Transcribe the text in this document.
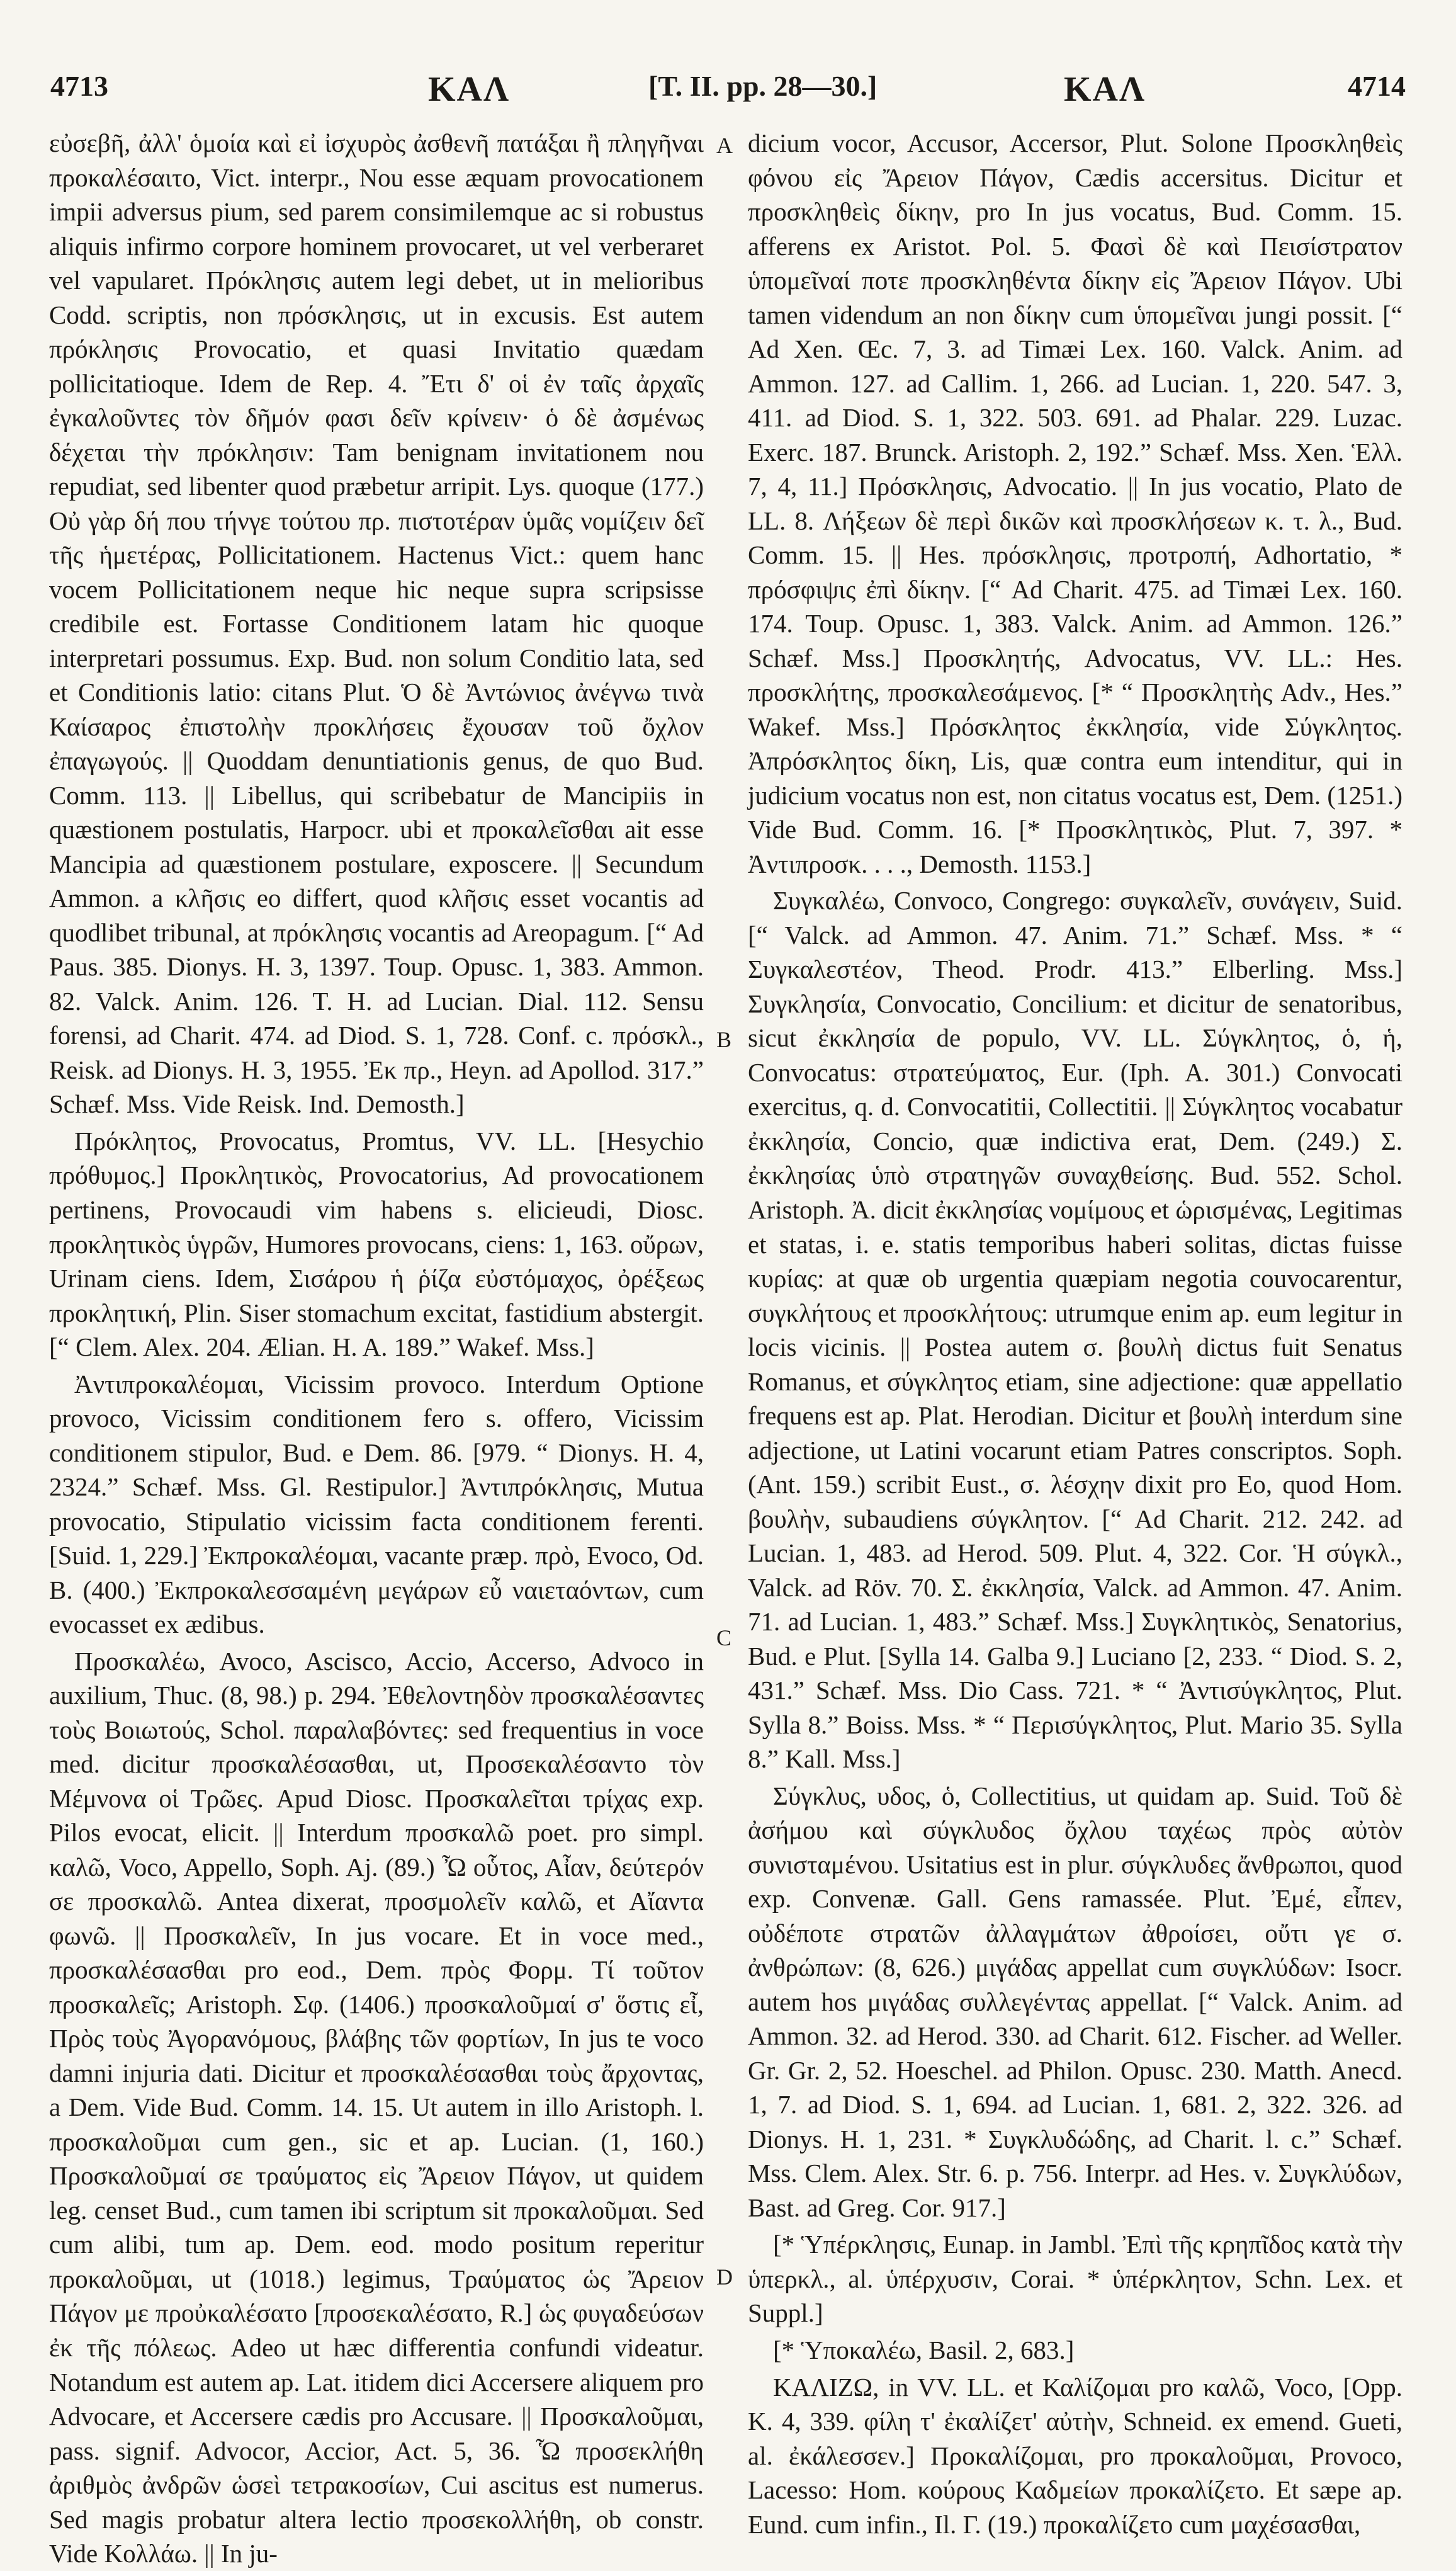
4713	ΚΑΛ	[T. II. pp. 28—30.]	ΚΑΛ	4714

εὐσεβῆ, ἀλλ' ὁμοία καὶ εἰ ἰσχυρὸς ἀσθενῆ πατάξαι ἢ πληγῆναι προκαλέσαιτο, Vict. interpr., Nou esse æquam provocationem impii adversus pium, sed parem consimilemque ac si robustus aliquis infirmo corpore hominem provocaret, ut vel verberaret vel vapularet. Πρόκλησις autem legi debet, ut in melioribus Codd. scriptis, non πρόσκλησις, ut in excusis. Est autem πρόκλησις Provocatio, et quasi Invitatio quædam pollicitatioque. Idem de Rep. 4. Ἔτι δ' οἱ ἐν ταῖς ἀρχαῖς ἐγκαλοῦντες τὸν δῆμόν φασι δεῖν κρίνειν· ὁ δὲ ἀσμένως δέχεται τὴν πρόκλησιν: Tam benignam invitationem nou repudiat, sed libenter quod præbetur arripit. Lys. quoque (177.) Οὐ γὰρ δή που τήνγε τούτου πρ. πιστοτέραν ὑμᾶς νομίζειν δεῖ τῆς ἡμετέρας, Pollicitationem. Hactenus Vict.: quem hanc vocem Pollicitationem neque hic neque supra scripsisse credibile est. Fortasse Conditionem latam hic quoque interpretari possumus. Exp. Bud. non solum Conditio lata, sed et Conditionis latio: citans Plut. Ὁ δὲ Ἀντώνιος ἀνέγνω τινὰ Καίσαρος ἐπιστολὴν προκλήσεις ἔχουσαν τοῦ ὄχλον ἐπαγωγούς. || Quoddam denuntiationis genus, de quo Bud. Comm. 113. || Libellus, qui scribebatur de Mancipiis in quæstionem postulatis, Harpocr. ubi et προκαλεῖσθαι ait esse Mancipia ad quæstionem postulare, exposcere. || Secundum Ammon. a κλῆσις eo differt, quod κλῆσις esset vocantis ad quodlibet tribunal, at πρόκλησις vocantis ad Areopagum. [“ Ad Paus. 385. Dionys. H. 3, 1397. Toup. Opusc. 1, 383. Ammon. 82. Valck. Anim. 126. T. H. ad Lucian. Dial. 112. Sensu forensi, ad Charit. 474. ad Diod. S. 1, 728. Conf. c. πρόσκλ., Reisk. ad Dionys. H. 3, 1955. Ἐκ πρ., Heyn. ad Apollod. 317.” Schæf. Mss. Vide Reisk. Ind. Demosth.]

Πρόκλητος, Provocatus, Promtus, VV. LL. [Hesychio πρόθυμος.] Προκλητικὸς, Provocatorius, Ad provocationem pertinens, Provocaudi vim habens s. elicieudi, Diosc. προκλητικὸς ὑγρῶν, Humores provocans, ciens: 1, 163. οὔρων, Urinam ciens. Idem, Σισάρου ἡ ῥίζα εὐστόμαχος, ὀρέξεως προκλητική, Plin. Siser stomachum excitat, fastidium abstergit. [“ Clem. Alex. 204. Ælian. H. A. 189.” Wakef. Mss.]

Ἀντιπροκαλέομαι, Vicissim provoco. Interdum Optione provoco, Vicissim conditionem fero s. offero, Vicissim conditionem stipulor, Bud. e Dem. 86. [979. “ Dionys. H. 4, 2324.” Schæf. Mss. Gl. Restipulor.] Ἀντιπρόκλησις, Mutua provocatio, Stipulatio vicissim facta conditionem ferenti. [Suid. 1, 229.] Ἐκπροκαλέομαι, vacante præp. πρὸ, Evoco, Od. B. (400.) Ἐκπροκαλεσσαμένη μεγάρων εὖ ναιεταόντων, cum evocasset ex ædibus.

Προσκαλέω, Avoco, Ascisco, Accio, Accerso, Advoco in auxilium, Thuc. (8, 98.) p. 294. Ἐθελοντηδὸν προσκαλέσαντες τοὺς Βοιωτούς, Schol. παραλαβόντες: sed frequentius in voce med. dicitur προσκαλέσασθαι, ut, Προσεκαλέσαντο τὸν Μέμνονα οἱ Τρῶες. Apud Diosc. Προσκαλεῖται τρίχας exp. Pilos evocat, elicit. || Interdum προσκαλῶ poet. pro simpl. καλῶ, Voco, Appello, Soph. Aj. (89.) Ὦ οὗτος, Αἶαν, δεύτερόν σε προσκαλῶ. Antea dixerat, προσμολεῖν καλῶ, et Αἴαντα φωνῶ. || Προσκαλεῖν, In jus vocare. Et in voce med., προσκαλέσασθαι pro eod., Dem. πρὸς Φορμ. Τί τοῦτον προσκαλεῖς; Aristoph. Σφ. (1406.) προσκαλοῦμαί σ' ὅστις εἶ, Πρὸς τοὺς Ἀγορανόμους, βλάβης τῶν φορτίων, In jus te voco damni injuria dati. Dicitur et προσκαλέσασθαι τοὺς ἄρχοντας, a Dem. Vide Bud. Comm. 14. 15. Ut autem in illo Aristoph. l. προσκαλοῦμαι cum gen., sic et ap. Lucian. (1, 160.) Προσκαλοῦμαί σε τραύματος εἰς Ἄρειον Πάγον, ut quidem leg. censet Bud., cum tamen ibi scriptum sit προκαλοῦμαι. Sed cum alibi, tum ap. Dem. eod. modo positum reperitur προκαλοῦμαι, ut (1018.) legimus, Τραύματος ὡς Ἄρειον Πάγον με προὐκαλέσατο [προσεκαλέσατο, R.] ὡς φυγαδεύσων ἐκ τῆς πόλεως. Adeo ut hæc differentia confundi videatur. Notandum est autem ap. Lat. itidem dici Accersere aliquem pro Advocare, et Accersere cædis pro Accusare. || Προσκαλοῦμαι, pass. signif. Advocor, Accior, Act. 5, 36. Ὧ προσεκλήθη ἀριθμὸς ἀνδρῶν ὡσεὶ τετρακοσίων, Cui ascitus est numerus. Sed magis probatur altera lectio προσεκολλήθη, ob constr. Vide Κολλάω. || In ju-

A
B
C
D

dicium vocor, Accusor, Accersor, Plut. Solone Προσκληθεὶς φόνου εἰς Ἄρειον Πάγον, Cædis accersitus. Dicitur et προσκληθεὶς δίκην, pro In jus vocatus, Bud. Comm. 15. afferens ex Aristot. Pol. 5. Φασὶ δὲ καὶ Πεισίστρατον ὑπομεῖναί ποτε προσκληθέντα δίκην εἰς Ἄρειον Πάγον. Ubi tamen videndum an non δίκην cum ὑπομεῖναι jungi possit. [“ Ad Xen. Œc. 7, 3. ad Timæi Lex. 160. Valck. Anim. ad Ammon. 127. ad Callim. 1, 266. ad Lucian. 1, 220. 547. 3, 411. ad Diod. S. 1, 322. 503. 691. ad Phalar. 229. Luzac. Exerc. 187. Brunck. Aristoph. 2, 192.” Schæf. Mss. Xen. Ἑλλ. 7, 4, 11.] Πρόσκλησις, Advocatio. || In jus vocatio, Plato de LL. 8. Λήξεων δὲ περὶ δικῶν καὶ προσκλήσεων κ. τ. λ., Bud. Comm. 15. || Hes. πρόσκλησις, προτροπή, Adhortatio, * πρόσφιψις ἐπὶ δίκην. [“ Ad Charit. 475. ad Timæi Lex. 160. 174. Toup. Opusc. 1, 383. Valck. Anim. ad Ammon. 126.” Schæf. Mss.] Προσκλητής, Advocatus, VV. LL.: Hes. προσκλήτης, προσκαλεσάμενος. [* “ Προσκλητὴς Adv., Hes.” Wakef. Mss.] Πρόσκλητος ἐκκλησία, vide Σύγκλητος. Ἀπρόσκλητος δίκη, Lis, quæ contra eum intenditur, qui in judicium vocatus non est, non citatus vocatus est, Dem. (1251.) Vide Bud. Comm. 16. [* Προσκλητικὸς, Plut. 7, 397. * Ἀντιπροσκ. . . ., Demosth. 1153.]

Συγκαλέω, Convoco, Congrego: συγκαλεῖν, συνάγειν, Suid. [“ Valck. ad Ammon. 47. Anim. 71.” Schæf. Mss. * “ Συγκαλεστέον, Theod. Prodr. 413.” Elberling. Mss.] Συγκλησία, Convocatio, Concilium: et dicitur de senatoribus, sicut ἐκκλησία de populo, VV. LL. Σύγκλητος, ὁ, ἡ, Convocatus: στρατεύματος, Eur. (Iph. A. 301.) Convocati exercitus, q. d. Convocatitii, Collectitii. || Σύγκλητος vocabatur ἐκκλησία, Concio, quæ indictiva erat, Dem. (249.) Σ. ἐκκλησίας ὑπὸ στρατηγῶν συναχθείσης. Bud. 552. Schol. Aristoph. Ἀ. dicit ἐκκλησίας νομίμους et ὡρισμένας, Legitimas et statas, i. e. statis temporibus haberi solitas, dictas fuisse κυρίας: at quæ ob urgentia quæpiam negotia couvocarentur, συγκλήτους et προσκλήτους: utrumque enim ap. eum legitur in locis vicinis. || Postea autem σ. βουλὴ dictus fuit Senatus Romanus, et σύγκλητος etiam, sine adjectione: quæ appellatio frequens est ap. Plat. Herodian. Dicitur et βουλὴ interdum sine adjectione, ut Latini vocarunt etiam Patres conscriptos. Soph. (Ant. 159.) scribit Eust., σ. λέσχην dixit pro Eo, quod Hom. βουλὴν, subaudiens σύγκλητον. [“ Ad Charit. 212. 242. ad Lucian. 1, 483. ad Herod. 509. Plut. 4, 322. Cor. Ἡ σύγκλ., Valck. ad Röv. 70. Σ. ἐκκλησία, Valck. ad Ammon. 47. Anim. 71. ad Lucian. 1, 483.” Schæf. Mss.] Συγκλητικὸς, Senatorius, Bud. e Plut. [Sylla 14. Galba 9.] Luciano [2, 233. “ Diod. S. 2, 431.” Schæf. Mss. Dio Cass. 721. * “ Ἀντισύγκλητος, Plut. Sylla 8.” Boiss. Mss. * “ Περισύγκλητος, Plut. Mario 35. Sylla 8.” Kall. Mss.]

Σύγκλυς, υδος, ὁ, Collectitius, ut quidam ap. Suid. Τοῦ δὲ ἀσήμου καὶ σύγκλυδος ὄχλου ταχέως πρὸς αὐτὸν συνισταμένου. Usitatius est in plur. σύγκλυδες ἄνθρωποι, quod exp. Convenæ. Gall. Gens ramassée. Plut. Ἐμέ, εἶπεν, οὐδέποτε στρατῶν ἀλλαγμάτων ἀθροίσει, οὔτι γε σ. ἀνθρώπων: (8, 626.) μιγάδας appellat cum συγκλύδων: Isocr. autem hos μιγάδας συλλεγέντας appellat. [“ Valck. Anim. ad Ammon. 32. ad Herod. 330. ad Charit. 612. Fischer. ad Weller. Gr. Gr. 2, 52. Hoeschel. ad Philon. Opusc. 230. Matth. Anecd. 1, 7. ad Diod. S. 1, 694. ad Lucian. 1, 681. 2, 322. 326. ad Dionys. H. 1, 231. * Συγκλυδώδης, ad Charit. l. c.” Schæf. Mss. Clem. Alex. Str. 6. p. 756. Interpr. ad Hes. v. Συγκλύδων, Bast. ad Greg. Cor. 917.]

[* Ὑπέρκλησις, Eunap. in Jambl. Ἐπὶ τῆς κρηπῖδος κατὰ τὴν ὑπερκλ., al. ὑπέρχυσιν, Corai. * ὑπέρκλητον, Schn. Lex. et Suppl.]

[* Ὑποκαλέω, Basil. 2, 683.]

ΚΑΛΙΖΩ, in VV. LL. et Καλίζομαι pro καλῶ, Voco, [Opp. K. 4, 339. φίλη τ' ἐκαλίζετ' αὐτὴν, Schneid. ex emend. Gueti, al. ἐκάλεσσεν.] Προκαλίζομαι, pro προκαλοῦμαι, Provoco, Lacesso: Hom. κούρους Καδμείων προκαλίζετο. Et sæpe ap. Eund. cum infin., Il. Γ. (19.) προκαλίζετο cum μαχέσασθαι,
